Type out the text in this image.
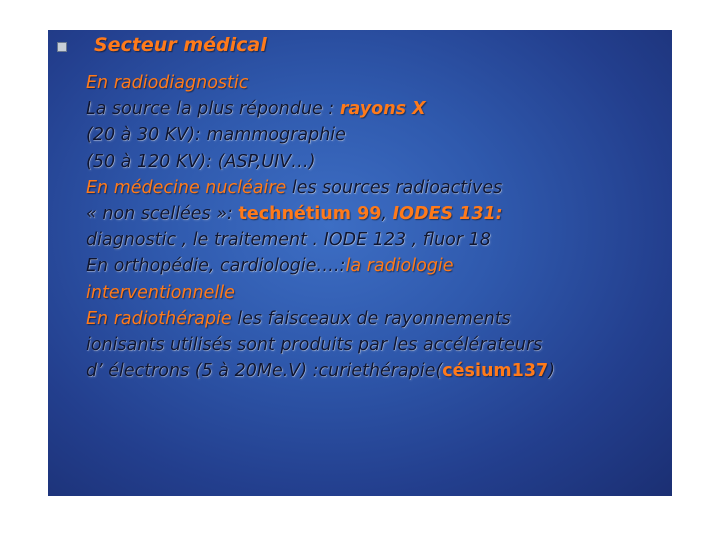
Secteur médical
En radiodiagnostic
La source la plus répondue : rayons X
(20 à 30 KV): mammographie
(50 à 120 KV): (ASP,UIV…)
En médecine nucléaire les sources radioactives
« non scellées »: technétium 99, IODES 131:
diagnostic , le traitement . IODE 123 , fluor 18
En orthopédie, cardiologie….:la radiologie
interventionnelle
En radiothérapie les faisceaux de rayonnements
ionisants utilisés sont produits par les accélérateurs
d’ électrons (5 à 20Me.V) :curiethérapie(césium137)
